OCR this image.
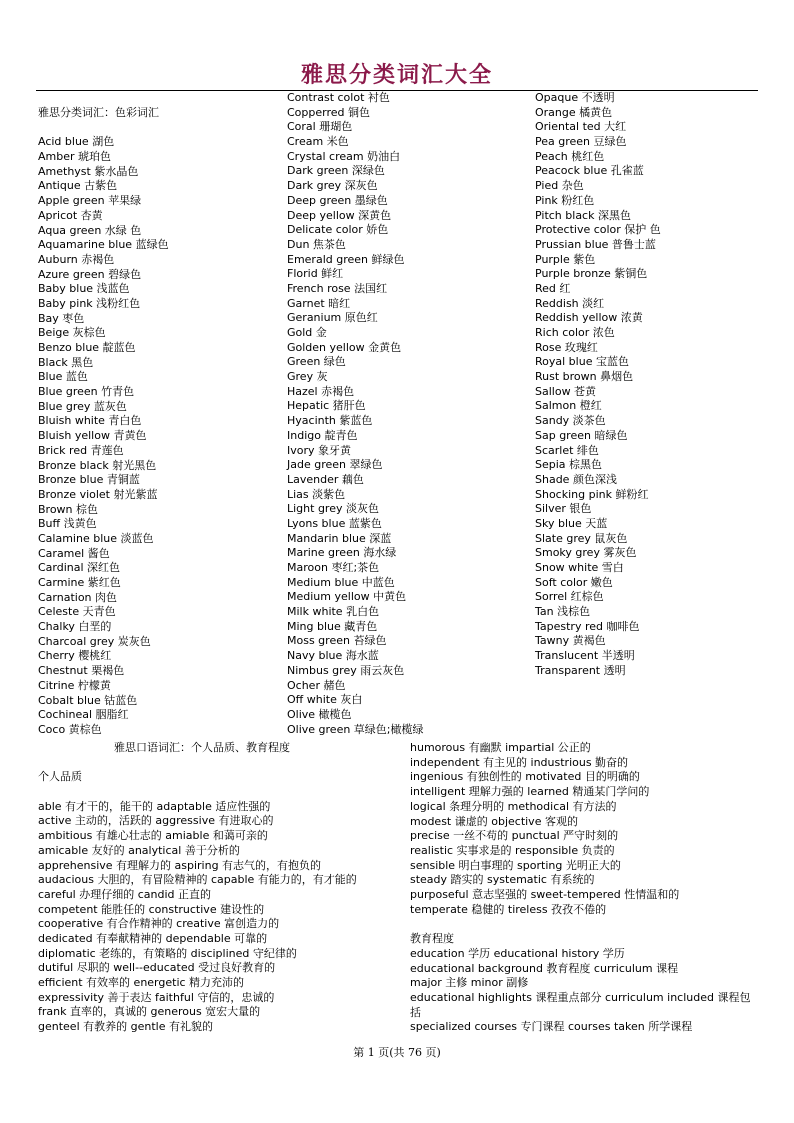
雅思分类词汇大全
雅思分类词汇：色彩词汇
Acid blue 湖色
Amber 琥珀色
Amethyst 紫水晶色
Antique 古紫色
Apple green 苹果绿
Apricot 杏黄
Aqua green 水绿 色
Aquamarine blue 蓝绿色
Auburn 赤褐色
Azure green 碧绿色
Baby blue 浅蓝色
Baby pink 浅粉红色
Bay 枣色
Beige 灰棕色
Benzo blue 靛蓝色
Black 黑色
Blue 蓝色
Blue green 竹青色
Blue grey 蓝灰色
Bluish white 青白色
Bluish yellow 青黄色
Brick red 青莲色
Bronze black 射光黑色
Bronze blue 青铜蓝
Bronze violet 射光紫蓝
Brown 棕色
Buff 浅黄色
Calamine blue 淡蓝色
Caramel 酱色
Cardinal 深红色
Carmine 紫红色
Carnation 肉色
Celeste 天青色
Chalky 白垩的
Charcoal grey 炭灰色
Cherry 樱桃红
Chestnut 栗褐色
Citrine 柠檬黄
Cobalt blue 钴蓝色
Cochineal 胭脂红
Coco 黄棕色
Contrast colot 衬色
Copperred 铜色
Coral 珊瑚色
Cream 米色
Crystal cream 奶油白
Dark green 深绿色
Dark grey 深灰色
Deep green 墨绿色
Deep yellow 深黄色
Delicate color 娇色
Dun 焦茶色
Emerald green 鲜绿色
Florid 鲜红
French rose 法国红
Garnet 暗红
Geranium 原色红
Gold 金
Golden yellow 金黄色
Green 绿色
Grey 灰
Hazel 赤褐色
Hepatic 猪肝色
Hyacinth 紫蓝色
Indigo 靛青色
Ivory 象牙黄
Jade green 翠绿色
Lavender 藕色
Lias 淡紫色
Light grey 淡灰色
Lyons blue 蓝紫色
Mandarin blue 深蓝
Marine green 海水绿
Maroon 枣红;茶色
Medium blue 中蓝色
Medium yellow 中黄色
Milk white 乳白色
Ming blue 藏青色
Moss green 苔绿色
Navy blue 海水蓝
Nimbus grey 雨云灰色
Ocher 赭色
Off white 灰白
Olive 橄榄色
Olive green 草绿色;橄榄绿
Opaque 不透明
Orange 橘黄色
Oriental ted 大红
Pea green 豆绿色
Peach 桃红色
Peacock blue 孔雀蓝
Pied 杂色
Pink 粉红色
Pitch black 深黑色
Protective color 保护 色
Prussian blue 普鲁士蓝
Purple 紫色
Purple bronze 紫铜色
Red 红
Reddish 淡红
Reddish yellow 浓黄
Rich color 浓色
Rose 玫瑰红
Royal blue 宝蓝色
Rust brown 鼻烟色
Sallow 苍黄
Salmon 橙红
Sandy 淡茶色
Sap green 暗绿色
Scarlet 绯色
Sepia 棕黑色
Shade 颜色深浅
Shocking pink 鲜粉红
Silver 银色
Sky blue 天蓝
Slate grey 鼠灰色
Smoky grey 雾灰色
Snow white 雪白
Soft color 嫩色
Sorrel 红棕色
Tan 浅棕色
Tapestry red 咖啡色
Tawny 黄褐色
Translucent 半透明
Transparent 透明
雅思口语词汇：个人品质、教育程度
个人品质
able 有才干的，能干的 adaptable 适应性强的
active 主动的，活跃的 aggressive 有进取心的
ambitious 有雄心壮志的 amiable 和蔼可亲的
amicable 友好的 analytical 善于分析的
apprehensive 有理解力的 aspiring 有志气的，有抱负的
audacious 大胆的，有冒险精神的 capable 有能力的，有才能的
careful 办理仔细的 candid 正直的
competent 能胜任的 constructive 建设性的
cooperative 有合作精神的 creative 富创造力的
dedicated 有奉献精神的 dependable 可靠的
diplomatic 老练的，有策略的 disciplined 守纪律的
dutiful 尽职的 well--educated 受过良好教育的
efficient 有效率的 energetic 精力充沛的
expressivity 善于表达 faithful 守信的，忠诚的
frank 直率的，真诚的 generous 宽宏大量的
genteel 有教养的 gentle 有礼貌的
humorous 有幽默 impartial 公正的
independent 有主见的 industrious 勤奋的
ingenious 有独创性的 motivated 目的明确的
intelligent 理解力强的 learned 精通某门学问的
logical 条理分明的 methodical 有方法的
modest 谦虚的 objective 客观的
precise 一丝不苟的 punctual 严守时刻的
realistic 实事求是的 responsible 负责的
sensible 明白事理的 sporting 光明正大的
steady 踏实的 systematic 有系统的
purposeful 意志坚强的 sweet-tempered 性情温和的
temperate 稳健的 tireless 孜孜不倦的
教育程度
education 学历 educational history 学历
educational background 教育程度 curriculum 课程
major 主修 minor 副修
educational highlights 课程重点部分 curriculum included 课程包括
specialized courses 专门课程 courses taken 所学课程
第 1 页(共 76 页)
